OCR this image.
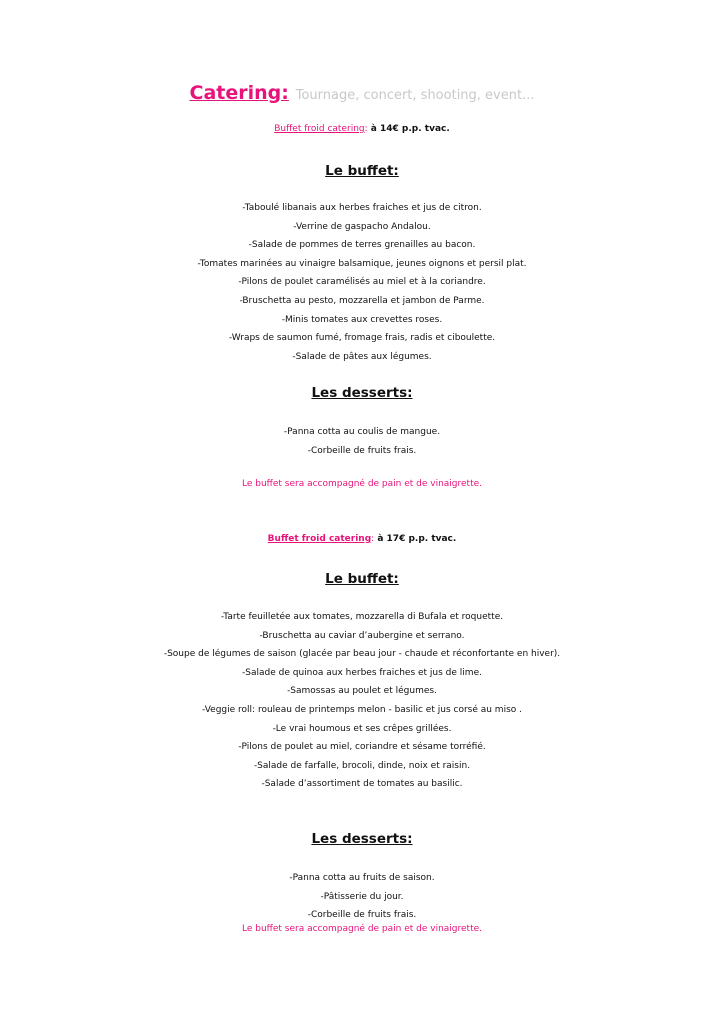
Catering: Tournage, concert, shooting, event...
Buffet froid catering: à 14€ p.p. tvac.
Le buffet:
-Taboulé libanais aux herbes fraiches et jus de citron.
-Verrine de gaspacho Andalou.
-Salade de pommes de terres grenailles au bacon.
-Tomates marinées au vinaigre balsamique, jeunes oignons et persil plat.
-Pilons de poulet caramélisés au miel et à la coriandre.
-Bruschetta au pesto, mozzarella et jambon de Parme.
-Minis tomates aux crevettes roses.
-Wraps de saumon fumé, fromage frais, radis et ciboulette.
-Salade de pâtes aux légumes.
Les desserts:
-Panna cotta au coulis de mangue.
-Corbeille de fruits frais.
Le buffet sera accompagné de pain et de vinaigrette.
Buffet froid catering: à 17€ p.p. tvac.
Le buffet:
-Tarte feuilletée aux tomates, mozzarella di Bufala et roquette.
-Bruschetta au caviar d’aubergine et serrano.
-Soupe de légumes de saison (glacée par beau jour - chaude et réconfortante en hiver).
-Salade de quinoa aux herbes fraiches et jus de lime.
-Samossas au poulet et légumes.
-Veggie roll: rouleau de printemps melon - basilic et jus corsé au miso .
-Le vrai houmous et ses crêpes grillées.
-Pilons de poulet au miel, coriandre et sésame torréfié.
-Salade de farfalle, brocoli, dinde, noix et raisin.
-Salade d’assortiment de tomates au basilic.
Les desserts:
-Panna cotta au fruits de saison.
-Pâtisserie du jour.
-Corbeille de fruits frais.
Le buffet sera accompagné de pain et de vinaigrette.
